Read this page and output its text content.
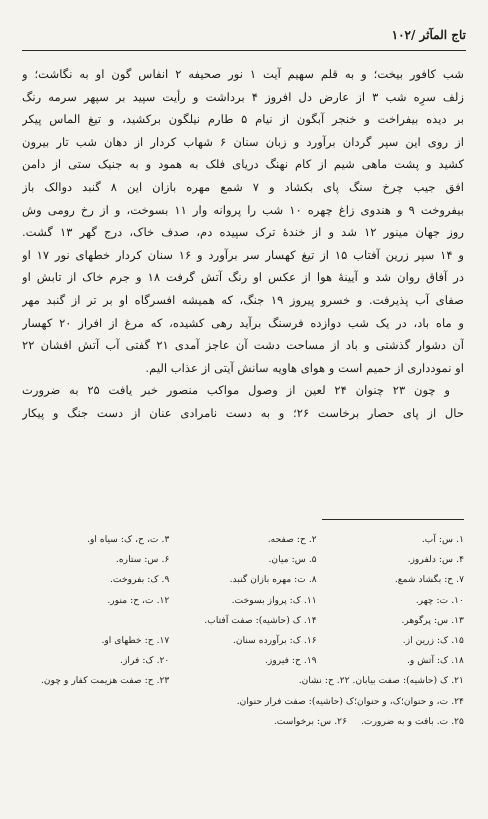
تاج المآثر /۱۰۲
شب کافور بیخت؛ و به قلم سهیم آیت ۱ نور صحیفه ۲ انفاس گون او به نگاشت؛ و
زلف سرِه شب ۳ از عارض دل افروز ۴ برداشت و رأیت سپید بر سپهر سرمه رنگ
بر دیده بیفراخت و خنجر آبگون از نیام ۵ طارم نیلگون برکشید، و تیغ الماس پیکر
از روی این سپر گردان برآورد و زبان سنان ۶ شهاب کردار از دهان شب تار بیرون
کشید و پشت ماهی شیم از کام نهنگ دریای فلک به همود و به جنیک ستی از دامن
افق جیب چرخ سنگ پای بکشاد و ۷ شمع مهره بازان این ۸ گنبد دوالک باز
بیفروخت ۹ و هندوی زاغ چهره ۱۰ شب را پروانه وار ۱۱ بسوخت، و از رخ رومی وش
روز جهان مینور ۱۲ شد و از خندهٔ ترک سپیده دم، صدف خاک، درج گهر ۱۳ گشت.
و ۱۴ سپر زرین آفتاب ۱۵ از تیغ کهسار سر برآورد و ۱۶ سنان کردار خطهای نور ۱۷ او
در آفاق روان شد و آیینهٔ هوا از عکس او رنگ آتش گرفت ۱۸ و جرم خاک از تابش او
صفای آب پذیرفت. و خسرو پیروز ۱۹ جنگ، که همیشه افسرگاه او بر تر از گنبد مهر
و ماه باد، در یک شب دوازده فرسنگ برآید رهی کشیده، که مرغ از افراز ۲۰ کهسار
آن دشوار گذشتی و باد از مساحت دشت آن عاجز آمدی ۲۱ گفتی آب آتش افشان ۲۲
او نمودداری از حمیم است و هوای هاویه سانش آیتی از عذاب الیم.
و چون ۲۳ چنوان ۲۴ لعین از وصول مواکب منصور خبر یافت ۲۵ به ضرورت
حال از پای حصار برخاست ۲۶؛ و به دست نامرادی عنان از دست جنگ و پیکار
۱. س: آب.
۲. ح: صفحه.
۳. ت، ح، ک: سیاه او.
۴. س: دلفروز.
۵. س: میان.
۶. س: ستاره.
۷. ح: بگشاد شمع.
۸. ت: مهره بازان گنبد.
۹. ک: بفروخت.
۱۰. ت: چهر.
۱۱. ک: پرواز بسوخت.
۱۲. ت، ح: منور.
۱۳. س: پرگوهر.
۱۴. ک (حاشیه): صفت آفتاب.
۱۵. ک: زرین از.
۱۶. ک: برآورده سنان.
۱۷. ح: خطهای او.
۱۸. ک: آتش و.
۱۹. ح: فیروز.
۲۰. ک: فراز.
۲۱. ک (حاشیه): صفت بیابان. ۲۲. ح: نشان.
۲۳. ح: صفت هزیمت کفار و چون.
۲۴. ت، و حنوان؛ک، و حنوان؛ک (حاشیه): صفت فرار حنوان.
۲۵. ت. بافت و به ضرورت.
۲۶. س: برخواست.
